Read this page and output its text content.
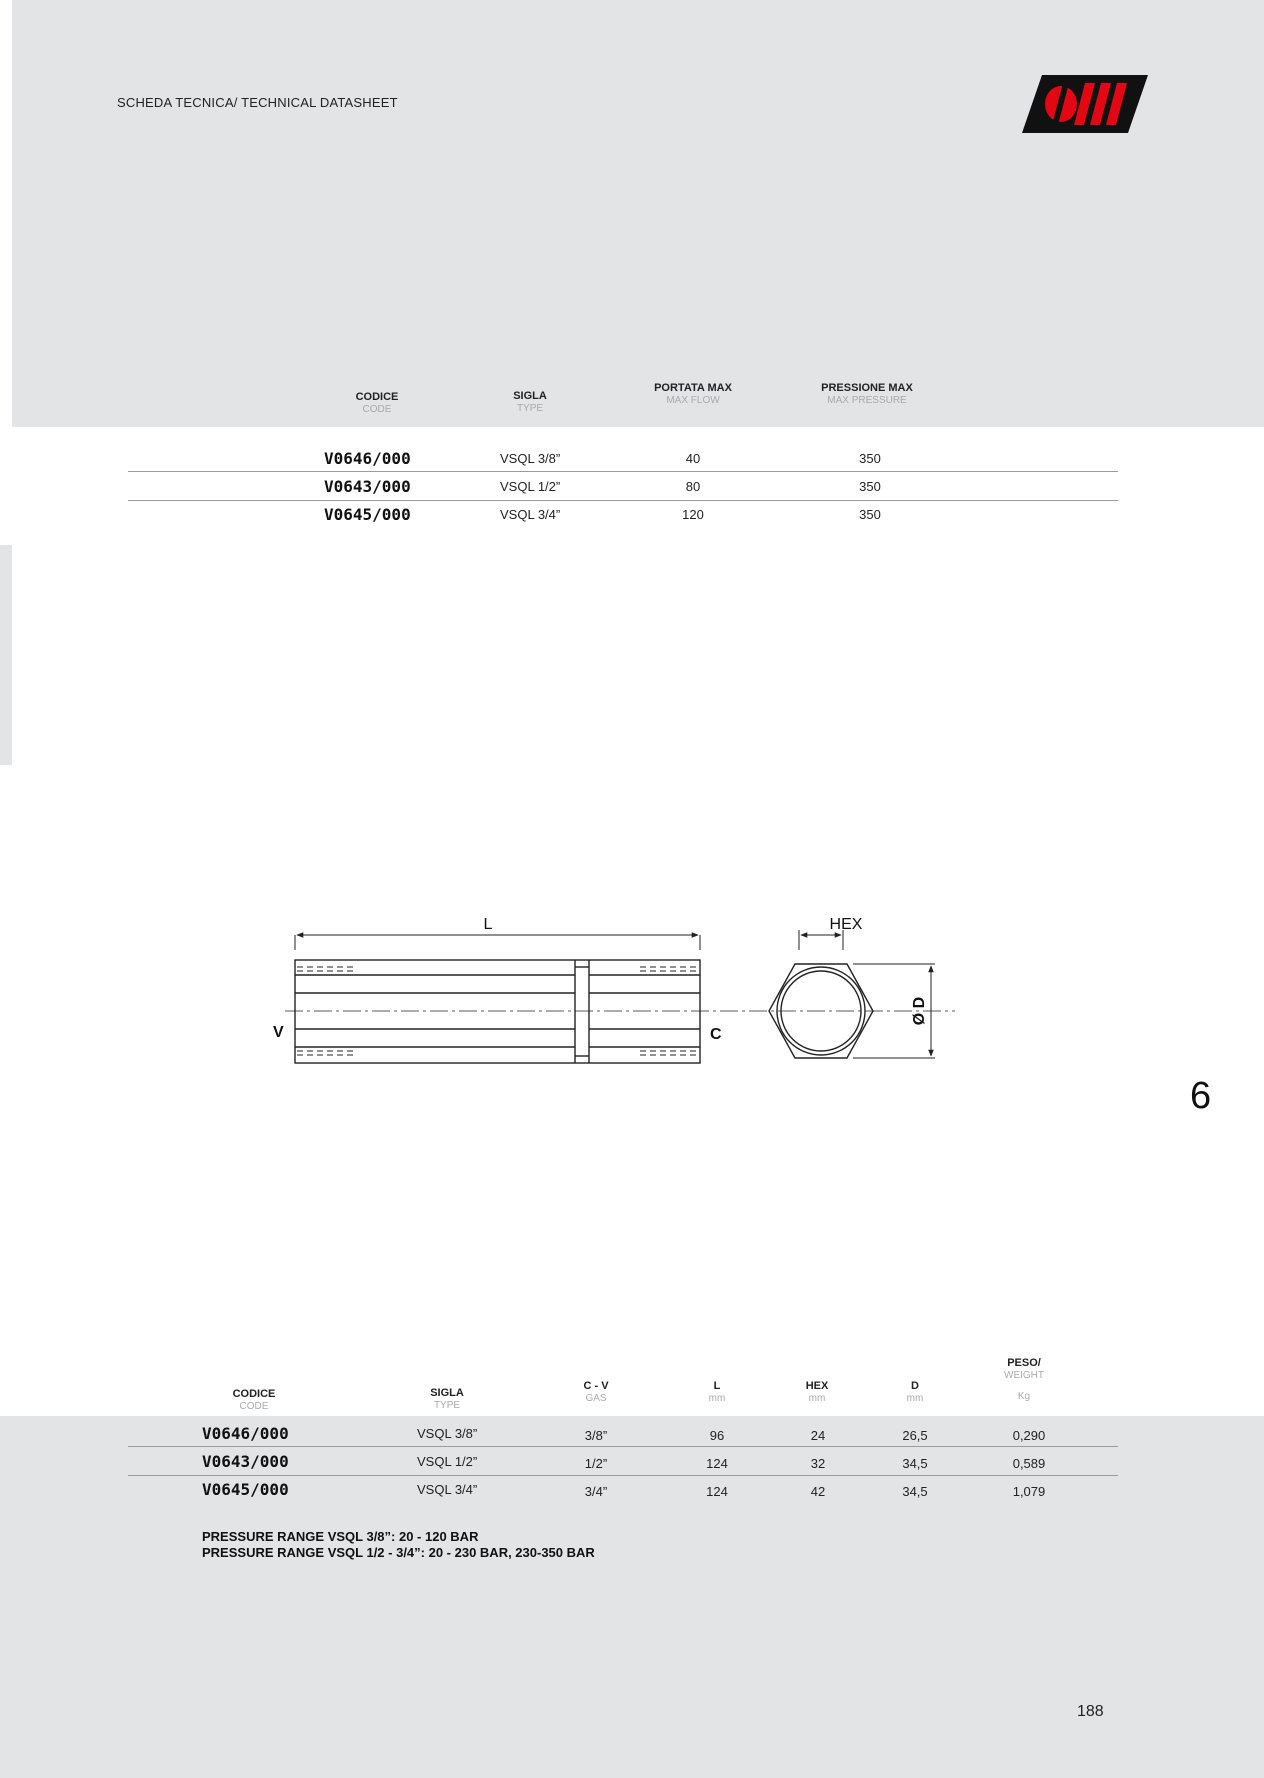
SCHEDA TECNICA/ TECHNICAL DATASHEET
CODICE
CODE
SIGLA
TYPE
PORTATA MAX
MAX FLOW
PRESSIONE MAX
MAX PRESSURE
V0646/000	VSQL 3/8”	40	350
V0643/000	VSQL 1/2”	80	350
V0645/000	VSQL 3/4”	120	350
L	HEX
Ø D
V	C
6
CODICE
CODE
SIGLA
TYPE
C - V
GAS
L
mm
HEX
mm
D
mm
PESO/
WEIGHT
Kg
V0646/000	VSQL 3/8”	3/8”	96	24	26,5	0,290
V0643/000	VSQL 1/2”	1/2”	124	32	34,5	0,589
V0645/000	VSQL 3/4”	3/4”	124	42	34,5	1,079
PRESSURE RANGE VSQL 3/8”: 20 - 120 BAR
PRESSURE RANGE VSQL 1/2 - 3/4”: 20 - 230 BAR, 230-350 BAR
188
